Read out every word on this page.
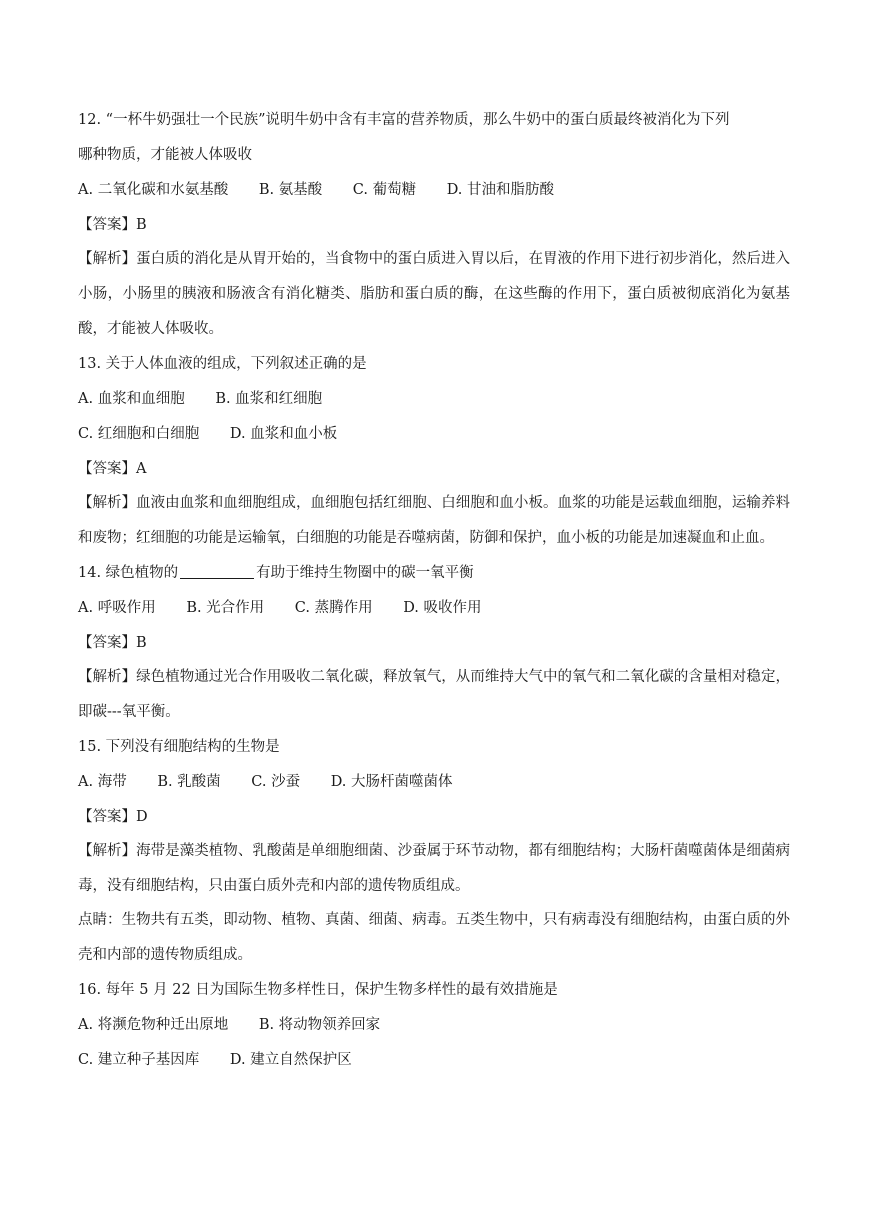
12. “一杯牛奶强壮一个民族”说明牛奶中含有丰富的营养物质，那么牛奶中的蛋白质最终被消化为下列
哪种物质，才能被人体吸收
A. 二氧化碳和水氨基酸 B. 氨基酸 C. 葡萄糖 D. 甘油和脂肪酸
【答案】B
【解析】蛋白质的消化是从胃开始的，当食物中的蛋白质进入胃以后，在胃液的作用下进行初步消化，然后进入小肠，小肠里的胰液和肠液含有消化糖类、脂肪和蛋白质的酶，在这些酶的作用下，蛋白质被彻底消化为氨基酸，才能被人体吸收。
13. 关于人体血液的组成，下列叙述正确的是
A. 血浆和血细胞 B. 血浆和红细胞
C. 红细胞和白细胞 D. 血浆和血小板
【答案】A
【解析】血液由血浆和血细胞组成，血细胞包括红细胞、白细胞和血小板。血浆的功能是运载血细胞，运输养料和废物；红细胞的功能是运输氧，白细胞的功能是吞噬病菌，防御和保护，血小板的功能是加速凝血和止血。
14. 绿色植物的	有助于维持生物圈中的碳一氧平衡
A. 呼吸作用 B. 光合作用 C. 蒸腾作用 D. 吸收作用
【答案】B
【解析】绿色植物通过光合作用吸收二氧化碳，释放氧气，从而维持大气中的氧气和二氧化碳的含量相对稳定，即碳---氧平衡。
15. 下列没有细胞结构的生物是
A. 海带 B. 乳酸菌 C. 沙蚕 D. 大肠杆菌噬菌体
【答案】D
【解析】海带是藻类植物、乳酸菌是单细胞细菌、沙蚕属于环节动物，都有细胞结构；大肠杆菌噬菌体是细菌病毒，没有细胞结构，只由蛋白质外壳和内部的遗传物质组成。
点睛：生物共有五类，即动物、植物、真菌、细菌、病毒。五类生物中，只有病毒没有细胞结构，由蛋白质的外壳和内部的遗传物质组成。
16. 每年 5 月 22 日为国际生物多样性日，保护生物多样性的最有效措施是
A. 将濒危物种迁出原地 B. 将动物领养回家
C. 建立种子基因库 D. 建立自然保护区
